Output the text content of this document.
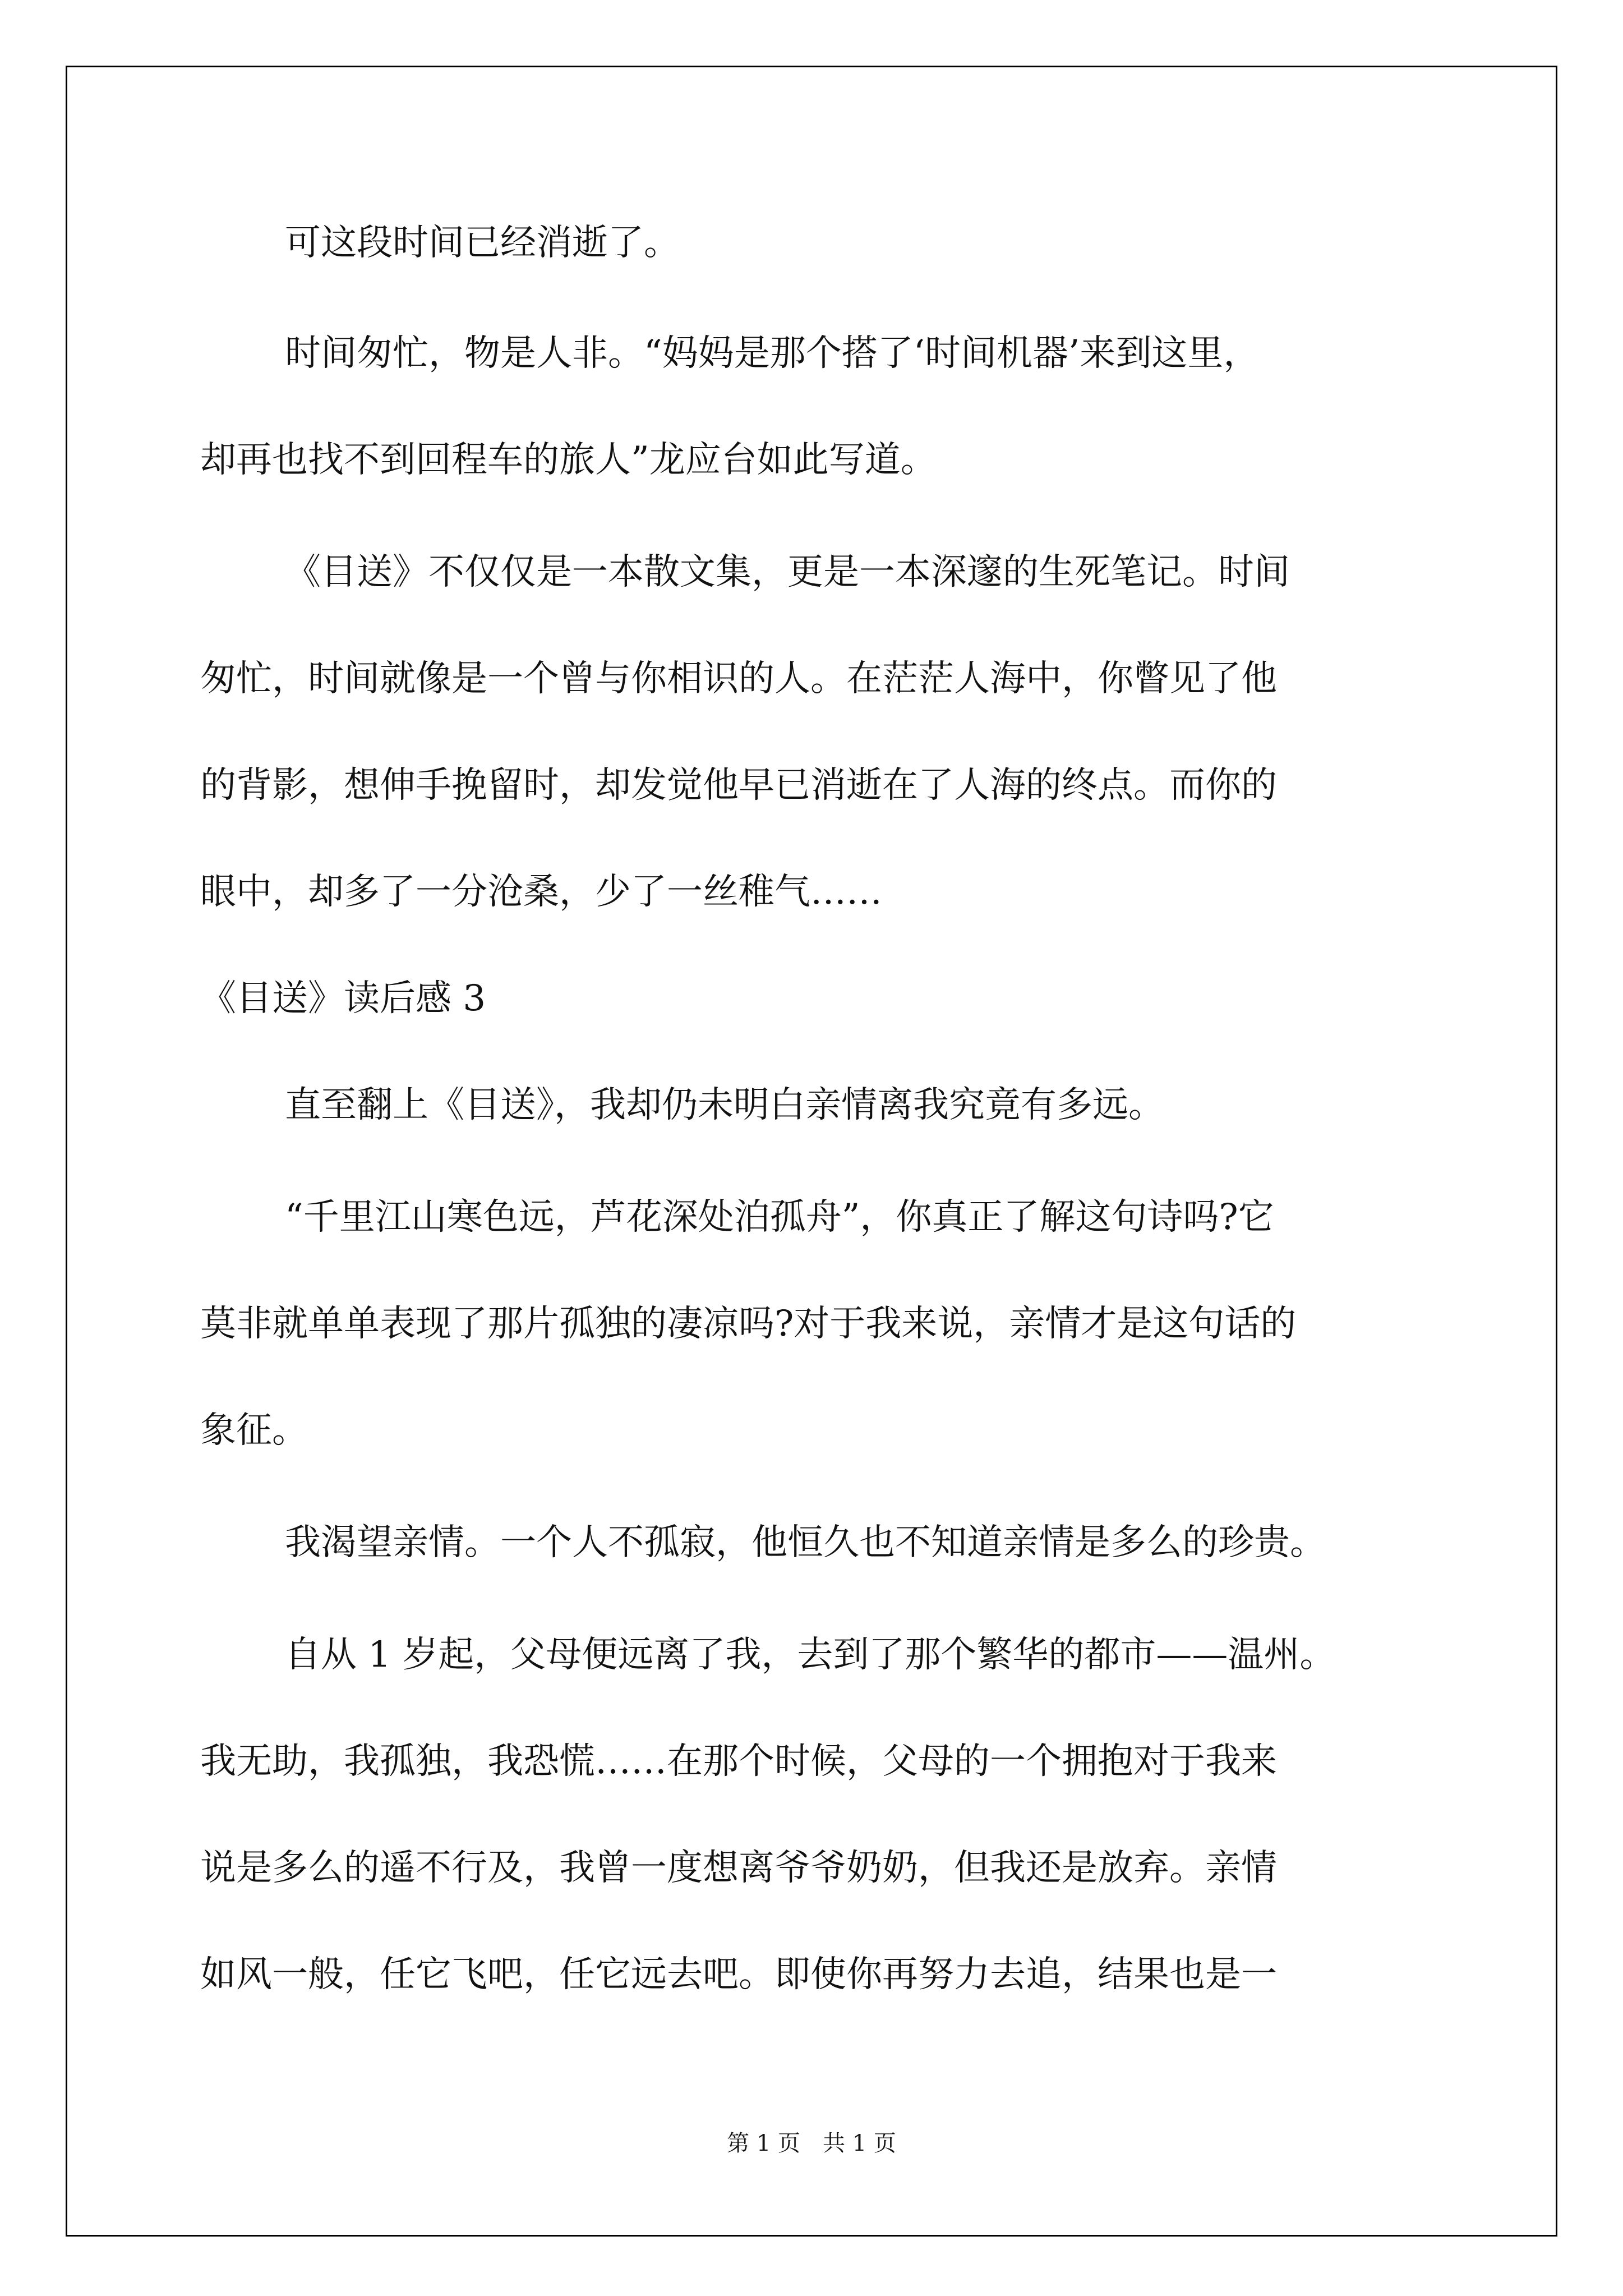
可这段时间已经消逝了。

时间匆忙，物是人非。“妈妈是那个搭了‘时间机器’来到这里，

却再也找不到回程车的旅人”龙应台如此写道。

《目送》不仅仅是一本散文集，更是一本深邃的生死笔记。时间

匆忙，时间就像是一个曾与你相识的人。在茫茫人海中，你瞥见了他

的背影，想伸手挽留时，却发觉他早已消逝在了人海的终点。而你的

眼中，却多了一分沧桑，少了一丝稚气……

《目送》读后感 3

直至翻上《目送》，我却仍未明白亲情离我究竟有多远。

“千里江山寒色远，芦花深处泊孤舟”，你真正了解这句诗吗?它

莫非就单单表现了那片孤独的凄凉吗?对于我来说，亲情才是这句话的

象征。

我渴望亲情。一个人不孤寂，他恒久也不知道亲情是多么的珍贵。

自从 1 岁起，父母便远离了我，去到了那个繁华的都市——温州。

我无助，我孤独，我恐慌……在那个时候，父母的一个拥抱对于我来

说是多么的遥不行及，我曾一度想离爷爷奶奶，但我还是放弃。亲情

如风一般，任它飞吧，任它远去吧。即使你再努力去追，结果也是一

第 1 页　共 1 页
